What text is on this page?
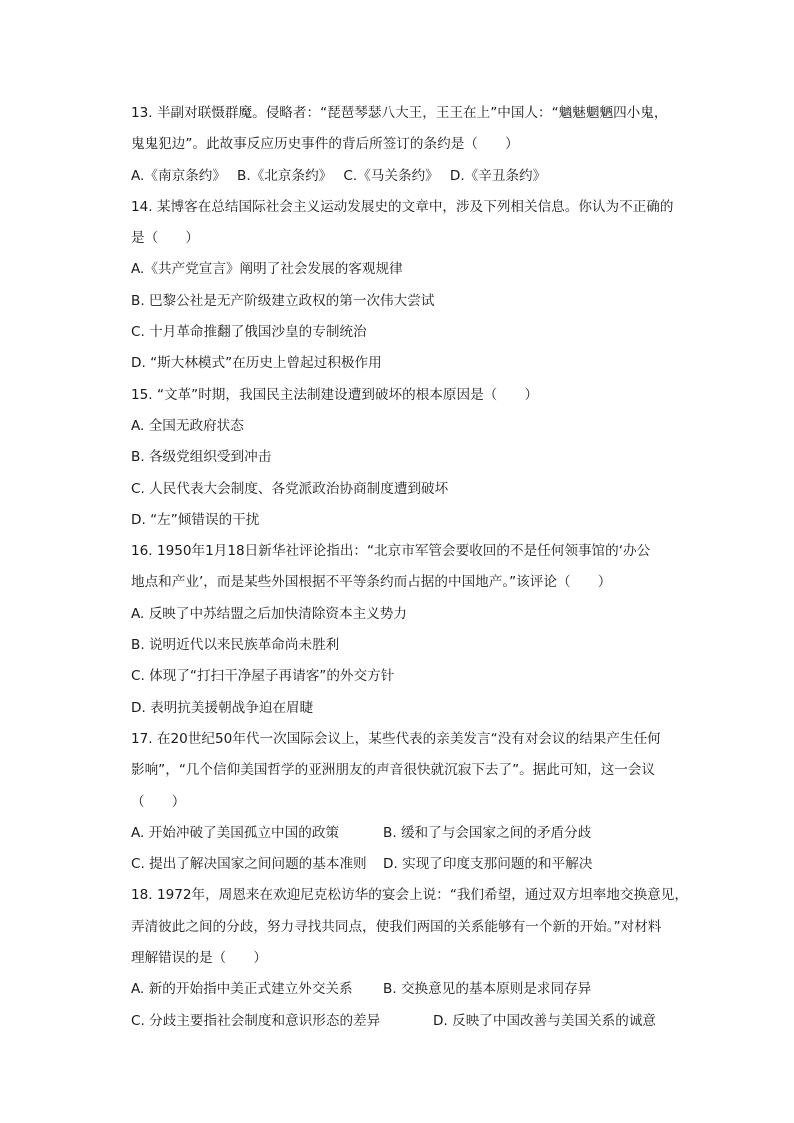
13. 半副对联慑群魔。侵略者：“琵琶琴瑟八大王，王王在上”中国人：“魑魅魍魉四小鬼，
鬼鬼犯边”。此故事反应历史事件的背后所签订的条约是（　　）
A.《南京条约》　 B.《北京条约》　 C.《马关条约》　 D.《辛丑条约》
14. 某博客在总结国际社会主义运动发展史的文章中，涉及下列相关信息。你认为不正确的
是（　　）
A.《共产党宣言》阐明了社会发展的客观规律
B. 巴黎公社是无产阶级建立政权的第一次伟大尝试
C. 十月革命推翻了俄国沙皇的专制统治
D. “斯大林模式”在历史上曾起过积极作用
15. “文革”时期，我国民主法制建设遭到破坏的根本原因是（　　）
A. 全国无政府状态
B. 各级党组织受到冲击
C. 人民代表大会制度、各党派政治协商制度遭到破坏
D. “左”倾错误的干扰
16. 1950年1月18日新华社评论指出：“北京市军管会要收回的不是任何领事馆的‘办公
地点和产业’，而是某些外国根据不平等条约而占据的中国地产。”该评论（　　）
A. 反映了中苏结盟之后加快清除资本主义势力
B. 说明近代以来民族革命尚未胜利
C. 体现了“打扫干净屋子再请客”的外交方针
D. 表明抗美援朝战争迫在眉睫
17. 在20世纪50年代一次国际会议上，某些代表的亲美发言“没有对会议的结果产生任何
影响”，“几个信仰美国哲学的亚洲朋友的声音很快就沉寂下去了”。据此可知，这一会议
（　　）
A. 开始冲破了美国孤立中国的政策	B. 缓和了与会国家之间的矛盾分歧
C. 提出了解决国家之间问题的基本准则	D. 实现了印度支那问题的和平解决
18. 1972年，周恩来在欢迎尼克松访华的宴会上说：“我们希望，通过双方坦率地交换意见，
弄清彼此之间的分歧，努力寻找共同点，使我们两国的关系能够有一个新的开始。”对材料
理解错误的是（　　）
A. 新的开始指中美正式建立外交关系	B. 交换意见的基本原则是求同存异
C. 分歧主要指社会制度和意识形态的差异	D. 反映了中国改善与美国关系的诚意
